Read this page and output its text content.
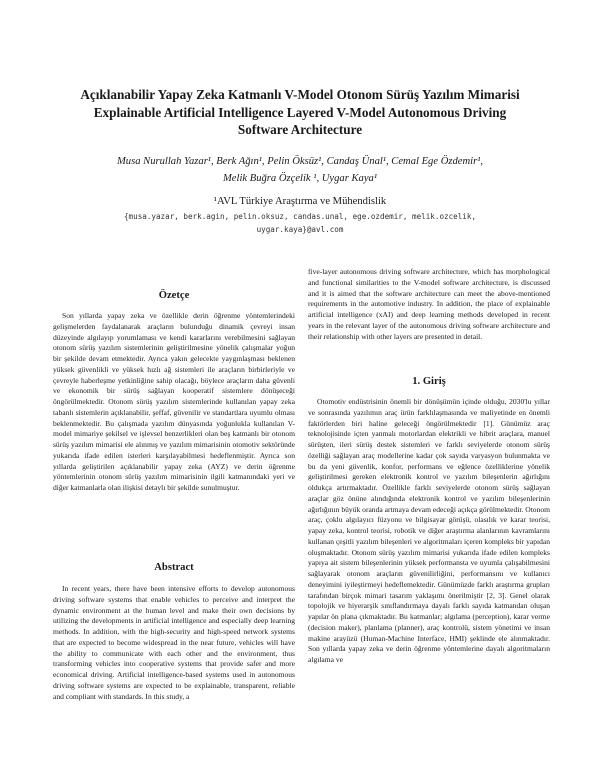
Açıklanabilir Yapay Zeka Katmanlı V-Model Otonom Sürüş Yazılım Mimarisi
Explainable Artificial Intelligence Layered V-Model Autonomous Driving
Software Architecture
Musa Nurullah Yazar¹, Berk Ağın¹, Pelin Öksüz¹, Candaş Ünal¹, Cemal Ege Özdemir¹,
Melik Buğra Özçelik ¹, Uygar Kaya¹
¹AVL Türkiye Araştırma ve Mühendislik
{musa.yazar, berk.agin, pelin.oksuz, candas.unal, ege.ozdemir, melik.ozcelik,
uygar.kaya}@avl.com
Özetçe

Son yıllarda yapay zeka ve özellikle derin öğrenme yöntemlerindeki gelişmelerden faydalanarak araçların bulunduğu dinamik çevreyi insan düzeyinde algılayıp yorumlaması ve kendi kararlarını verebilmesini sağlayan otonom sürüş yazılım sistemlerinin geliştirilmesine yönelik çalışmalar yoğun bir şekilde devam etmektedir. Ayrıca yakın gelecekte yaygınlaşması beklenen yüksek güvenlikli ve yüksek hızlı ağ sistemleri ile araçların birbirleriyle ve çevreyle haberleşme yetkinliğine sahip olacağı, böylece araçların daha güvenli ve ekonomik bir sürüş sağlayan kooperatif sistemlere dönüşeceği öngörülmektedir. Otonom sürüş yazılım sistemlerinde kullanılan yapay zeka tabanlı sistemlerin açıklanabilir, şeffaf, güvenilir ve standartlara uyumlu olması beklenmektedir. Bu çalışmada yazılım dünyasında yoğunlukla kullanılan V-model mimariye şekilsel ve işlevsel benzerlikleri olan beş katmanlı bir otonom sürüş yazılım mimarisi ele alınmış ve yazılım mimarisinin otomotiv sektöründe yukarıda ifade edilen isterleri karşılayabilmesi hedeflenmiştir. Ayrıca son yıllarda geliştirilen açıklanabilir yapay zeka (AYZ) ve derin öğrenme yöntemlerinin otonom sürüş yazılım mimarisinin ilgili katmanındaki yeri ve diğer katmanlarla olan ilişkisi detaylı bir şekilde sunulmuştur.

Abstract

In recent years, there have been intensive efforts to develop autonomous driving software systems that enable vehicles to perceive and interpret the dynamic environment at the human level and make their own decisions by utilizing the developments in artificial intelligence and especially deep learning methods. In addition, with the high-security and high-speed network systems that are expected to become widespread in the near future, vehicles will have the ability to communicate with each other and the environment, thus transforming vehicles into cooperative systems that provide safer and more economical driving. Artificial intelligence-based systems used in autonomous driving software systems are expected to be explainable, transparent, reliable and compliant with standards. In this study, a

five-layer autonomous driving software architecture, which has morphological and functional similarities to the V-model software architecture, is discussed and it is aimed that the software architecture can meet the above-mentioned requirements in the automotive industry. In addition, the place of explainable artificial intelligence (xAI) and deep learning methods developed in recent years in the relevant layer of the autonomous driving software architecture and their relationship with other layers are presented in detail.

1. Giriş

Otomotiv endüstrisinin önemli bir dönüşümün içinde olduğu, 2030'lu yıllar ve sonrasında yazılımın araç ürün farklılaşmasında ve maliyetinde en önemli faktörlerden biri haline geleceği öngörülmektedir [1]. Günümüz araç teknolojisinde içten yanmalı motorlardan elektrikli ve hibrit araçlara, manuel sürüşten, ileri sürüş destek sistemleri ve farklı seviyelerde otonom sürüş özelliği sağlayan araç modellerine kadar çok sayıda varyasyon bulunmakta ve bu da yeni güvenlik, konfor, performans ve eğlence özelliklerine yönelik geliştirilmesi gereken elektronik kontrol ve yazılım bileşenlerin ağırlığını oldukça artırmaktadır. Özellikle farklı seviyelerde otonom sürüş sağlayan araçlar göz önüne alındığında elektronik kontrol ve yazılım bileşenlerinin ağırlığının büyük oranda artmaya devam edeceği açıkça görülmektedir. Otonom araç, çoklu algılayıcı füzyonu ve bilgisayar görüşü, olasılık ve karar teorisi, yapay zeka, kontrol teorisi, robotik ve diğer araştırma alanlarının kavramlarını kullanan çeşitli yazılım bileşenleri ve algoritmaları içeren kompleks bir yapıdan oluşmaktadır. Otonom sürüş yazılım mimarisi yukarıda ifade edilen kompleks yapıya ait sistem bileşenlerinin yüksek performansta ve uyumla çalışabilmesini sağlayarak otonom araçların güvenilirliğini, performansını ve kullanıcı deneyimini iyileştirmeyi hedeflemektedir. Günümüzde farklı araştırma grupları tarafından birçok mimari tasarım yaklaşımı önerilmiştir [2, 3]. Genel olarak topolojik ve hiyerarşik sınıflandırmaya dayalı farklı sayıda katmandan oluşan yapılar ön plana çıkmaktadır. Bu katmanlar; algılama (perception), karar verme (decision maker), planlama (planner), araç kontrolü, sistem yönetimi ve insan makine arayüzü (Human-Machine Interface, HMI) şeklinde ele alınmaktadır. Son yıllarda yapay zeka ve derin öğrenme yöntemlerine dayalı algoritmaların algılama ve
